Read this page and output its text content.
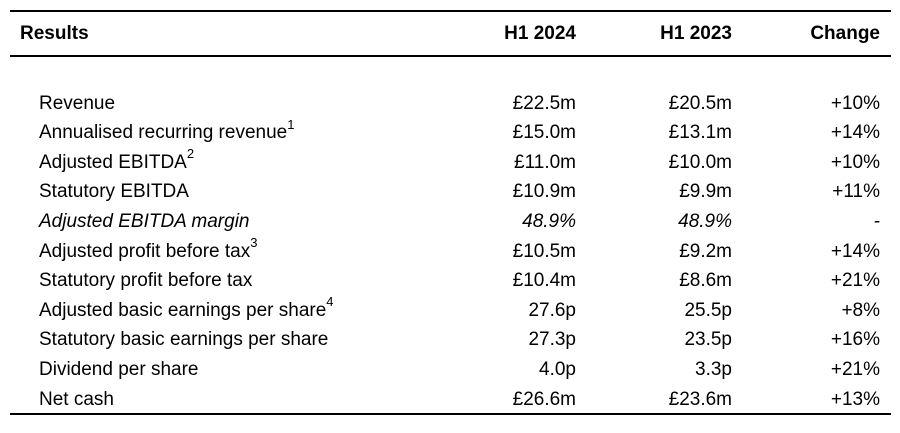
Results	H1 2024	H1 2023	Change

Revenue	£22.5m	£20.5m	+10%
Annualised recurring revenue$^1$	£15.0m	£13.1m	+14%
Adjusted EBITDA$^2$	£11.0m	£10.0m	+10%
Statutory EBITDA	£10.9m	£9.9m	+11%
Adjusted EBITDA margin	48.9%	48.9%	-
Adjusted profit before tax$^3$	£10.5m	£9.2m	+14%
Statutory profit before tax	£10.4m	£8.6m	+21%
Adjusted basic earnings per share$^4$	27.6p	25.5p	+8%
Statutory basic earnings per share	27.3p	23.5p	+16%
Dividend per share	4.0p	3.3p	+21%
Net cash	£26.6m	£23.6m	+13%
